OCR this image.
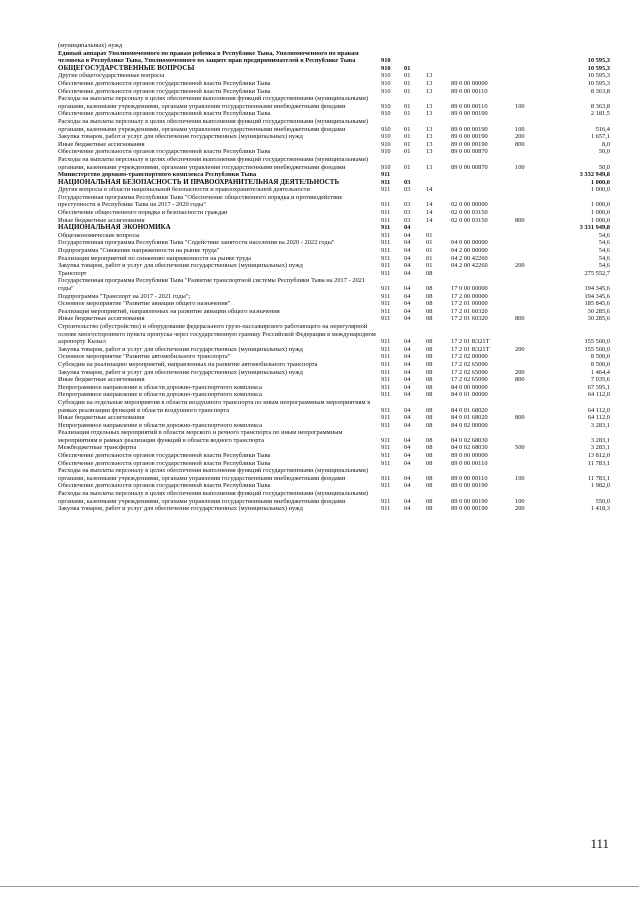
(муниципальных) нужд
Единый аппарат Уполномоченного по правам ребенка в Республике Тыва, Уполномоченного по правам человека в Республике Тыва, Уполномоченного по защите прав предпринимателей в Республике Тыва	910	10 595,3
ОБЩЕГОСУДАРСТВЕННЫЕ ВОПРОСЫ	910 01	10 595,3
Другие общегосударственные вопросы	910 01 13	10 595,3
Обеспечение деятельности органов государственной власти Республики Тыва	910 01 13	89 0 00 00000	10 595,3
Обеспечение деятельности органов государственной власти Республики Тыва	910 01 13	89 0 00 00110	8 363,8
Расходы на выплаты персоналу в целях обеспечения выполнения функций государственными (муниципальными) органами, казенными учреждениями, органами управления государственными внебюджетными фондами	910 01 13	89 0 00 00110	100	8 363,8
Обеспечение деятельности органов государственной власти Республики Тыва	910 01 13	89 0 00 00190	2 181,5
Расходы на выплаты персоналу в целях обеспечения выполнения функций государственными (муниципальными) органами, казенными учреждениями, органами управления государственными внебюджетными фондами	910 01 13	89 0 00 00190	100	516,4
Закупка товаров, работ и услуг для обеспечения государственных (муниципальных) нужд	910 01 13	89 0 00 00190	200	1 657,1
Иные бюджетные ассигнования	910 01 13	89 0 00 00190	800	8,0
Обеспечение деятельности органов государственной власти Республики Тыва	910 01 13	89 0 00 00870	50,0
Расходы на выплаты персоналу в целях обеспечения выполнения функций государственными (муниципальными) органами, казенными учреждениями, органами управления государственными внебюджетными фондами	910 01 13	89 0 00 00870	100	50,0
Министерство дорожно-транспортного комплекса Республики Тыва	911	3 332 949,8
НАЦИОНАЛЬНАЯ БЕЗОПАСНОСТЬ И ПРАВООХРАНИТЕЛЬНАЯ ДЕЯТЕЛЬНОСТЬ	911 03	1 000,0
Другие вопросы в области национальной безопасности и правоохранительной деятельности	911 03 14	1 000,0
Государственная программа Республики Тыва "Обеспечение общественного порядка и противодействие преступности в Республике Тыва на 2017 - 2020 годы"	911 03 14	02 0 00 00000	1 000,0
Обеспечение общественного порядка и безопасности граждан	911 03 14	02 0 00 03150	1 000,0
Иные бюджетные ассигнования	911 03 14	02 0 00 03150	800	1 000,0
НАЦИОНАЛЬНАЯ ЭКОНОМИКА	911 04	3 331 949,8
Общеэкономические вопросы	911 04 01	54,6
Государственная программа Республики Тыва "Содействие занятости населения на 2020 - 2022 годы"	911 04 01	04 0 00 00000	54,6
Подпрограмма "Снижение напряженности на рынке труда"	911 04 01	04 2 00 00000	54,6
Реализация мероприятий по снижению напряженности на рынке труда	911 04 01	04 2 00 42260	54,6
Закупка товаров, работ и услуг для обеспечения государственных (муниципальных) нужд	911 04 01	04 2 00 42260	200	54,6
Транспорт	911 04 08	275 552,7
Государственная программа Республики Тыва "Развитие транспортной системы Республики Тыва на 2017 - 2021 годы"	911 04 08	17 0 00 00000	194 345,6
Подпрограмма "Транспорт на 2017 - 2021 годы";	911 04 08	17 2 00 00000	194 345,6
Основное мероприятие "Развитие авиации общего назначения"	911 04 08	17 2 01 00000	185 845,6
Реализация мероприятий, направленных на развитие авиации общего назначения	911 04 08	17 2 01 60320	30 285,6
Иные бюджетные ассигнования	911 04 08	17 2 01 60320	800	30 285,6
Строительство (обустройство) и оборудование федерального грузо-пассажирского работающего на нерегулярной основе многостороннего пункта пропуска через государственную границу Российской Федерации в международном аэропорту Кызыл	911 04 08	17 2 01 R321T	155 560,0
Закупка товаров, работ и услуг для обеспечения государственных (муниципальных) нужд	911 04 08	17 2 01 R321T	200	155 560,0
Основное мероприятие "Развитие автомобильного транспорта"	911 04 08	17 2 02 00000	8 500,0
Субсидии на реализацию мероприятий, направленных на развитие автомобильного транспорта	911 04 08	17 2 02 65090	8 500,0
Закупка товаров, работ и услуг для обеспечения государственных (муниципальных) нужд	911 04 08	17 2 02 65090	200	1 464,4
Иные бюджетные ассигнования	911 04 08	17 2 02 65090	800	7 035,6
Непрограммное направление в области дорожно-транспортного комплекса	911 04 08	84 0 00 00000	67 395,1
Непрограммное направление в области дорожно-транспортного комплекса	911 04 08	84 0 01 00000	64 112,0
Субсидии на отдельные мероприятия в области воздушного транспорта по иным непрограммным мероприятиям в рамках реализации функций в области воздушного транспорта	911 04 08	84 0 01 68020	64 112,0
Иные бюджетные ассигнования	911 04 08	84 0 01 68020	800	64 112,0
Непрограммное направление в области дорожно-транспортного комплекса	911 04 08	84 0 02 00000	3 283,1
Реализация отдельных мероприятий в области морского и речного транспорта по иным непрограммным мероприятиям в рамках реализации функций в области водного транспорта	911 04 08	84 0 02 68030	3 283,1
Межбюджетные трансферты	911 04 08	84 0 02 68030	500	3 283,1
Обеспечение деятельности органов государственной власти Республики Тыва	911 04 08	89 0 00 00000	13 812,0
Обеспечение деятельности органов государственной власти Республики Тыва	911 04 08	89 0 00 00110	11 783,1
Расходы на выплаты персоналу в целях обеспечения выполнения функций государственными (муниципальными) органами, казенными учреждениями, органами управления государственными внебюджетными фондами	911 04 08	89 0 00 00110	100	11 783,1
Обеспечение деятельности органов государственной власти Республики Тыва	911 04 08	89 0 00 00190	1 982,0
Расходы на выплаты персоналу в целях обеспечения выполнения функций государственными (муниципальными) органами, казенными учреждениями, органами управления государственными внебюджетными фондами	911 04 08	89 0 00 00190	100	550,0
Закупка товаров, работ и услуг для обеспечения государственных (муниципальных) нужд	911 04 08	89 0 00 00190	200	1 418,3
111
